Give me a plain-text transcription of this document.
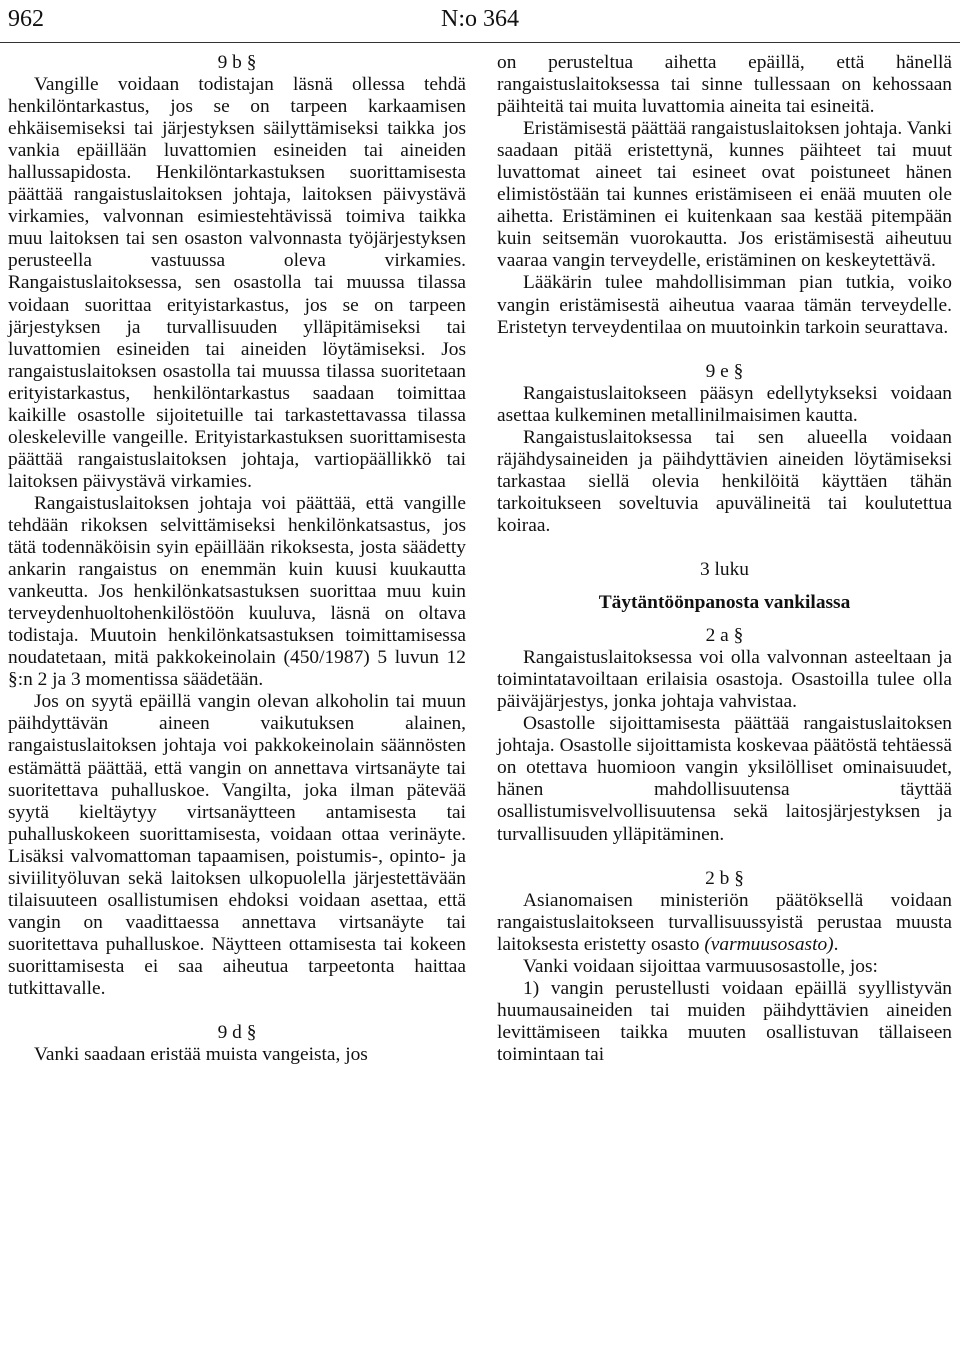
962	N:o 364
9 b §

Vangille voidaan todistajan läsnä ollessa tehdä henkilöntarkastus, jos se on tarpeen karkaamisen ehkäisemiseksi tai järjestyksen säilyttämiseksi taikka jos vankia epäillään luvattomien esineiden tai aineiden hallussapidosta. Henkilöntarkastuksen suorittamisesta päättää rangaistuslaitoksen johtaja, laitoksen päivystävä virkamies, valvonnan esimiestehtävissä toimiva taikka muu laitoksen tai sen osaston valvonnasta työjärjestyksen perusteella vastuussa oleva virkamies. Rangaistuslaitoksessa, sen osastolla tai muussa tilassa voidaan suorittaa erityistarkastus, jos se on tarpeen järjestyksen ja turvallisuuden ylläpitämiseksi tai luvattomien esineiden tai aineiden löytämiseksi. Jos rangaistuslaitoksen osastolla tai muussa tilassa suoritetaan erityistarkastus, henkilöntarkastus saadaan toimittaa kaikille osastolle sijoitetuille tai tarkastettavassa tilassa oleskeleville vangeille. Erityistarkastuksen suorittamisesta päättää rangaistuslaitoksen johtaja, vartiopäällikkö tai laitoksen päivystävä virkamies.

Rangaistuslaitoksen johtaja voi päättää, että vangille tehdään rikoksen selvittämiseksi henkilönkatsastus, jos tätä todennäköisin syin epäillään rikoksesta, josta säädetty ankarin rangaistus on enemmän kuin kuusi kuukautta vankeutta. Jos henkilönkatsastuksen suorittaa muu kuin terveydenhuoltohenkilöstöön kuuluva, läsnä on oltava todistaja. Muutoin henkilönkatsastuksen toimittamisessa noudatetaan, mitä pakkokeinolain (450/1987) 5 luvun 12 §:n 2 ja 3 momentissa säädetään.

Jos on syytä epäillä vangin olevan alkoholin tai muun päihdyttävän aineen vaikutuksen alainen, rangaistuslaitoksen johtaja voi pakkokeinolain säännösten estämättä päättää, että vangin on annettava virtsanäyte tai suoritettava puhalluskoe. Vangilta, joka ilman pätevää syytä kieltäytyy virtsanäytteen antamisesta tai puhalluskokeen suorittamisesta, voidaan ottaa verinäyte. Lisäksi valvomattoman tapaamisen, poistumis-, opinto- ja siviilityöluvan sekä laitoksen ulkopuolella järjestettävään tilaisuuteen osallistumisen ehdoksi voidaan asettaa, että vangin on vaadittaessa annettava virtsanäyte tai suoritettava puhalluskoe. Näytteen ottamisesta tai kokeen suorittamisesta ei saa aiheutua tarpeetonta haittaa tutkittavalle.

9 d §

Vanki saadaan eristää muista vangeista, jos

on perusteltua aihetta epäillä, että hänellä rangaistuslaitoksessa tai sinne tullessaan on kehossaan päihteitä tai muita luvattomia aineita tai esineitä.

Eristämisestä päättää rangaistuslaitoksen johtaja. Vanki saadaan pitää eristettynä, kunnes päihteet tai muut luvattomat aineet tai esineet ovat poistuneet hänen elimistöstään tai kunnes eristämiseen ei enää muuten ole aihetta. Eristäminen ei kuitenkaan saa kestää pitempään kuin seitsemän vuorokautta. Jos eristämisestä aiheutuu vaaraa vangin terveydelle, eristäminen on keskeytettävä.

Lääkärin tulee mahdollisimman pian tutkia, voiko vangin eristämisestä aiheutua vaaraa tämän terveydelle. Eristetyn terveydentilaa on muutoinkin tarkoin seurattava.

9 e §

Rangaistuslaitokseen pääsyn edellytykseksi voidaan asettaa kulkeminen metallinilmaisimen kautta.

Rangaistuslaitoksessa tai sen alueella voidaan räjähdysaineiden ja päihdyttävien aineiden löytämiseksi tarkastaa siellä olevia henkilöitä käyttäen tähän tarkoitukseen soveltuvia apuvälineitä tai koulutettua koiraa.

3 luku
Täytäntöönpanosta vankilassa
2 a §

Rangaistuslaitoksessa voi olla valvonnan asteeltaan ja toimintatavoiltaan erilaisia osastoja. Osastoilla tulee olla päiväjärjestys, jonka johtaja vahvistaa.

Osastolle sijoittamisesta päättää rangaistuslaitoksen johtaja. Osastolle sijoittamista koskevaa päätöstä tehtäessä on otettava huomioon vangin yksilölliset ominaisuudet, hänen mahdollisuutensa täyttää osallistumisvelvollisuutensa sekä laitosjärjestyksen ja turvallisuuden ylläpitäminen.

2 b §

Asianomaisen ministeriön päätöksellä voidaan rangaistuslaitokseen turvallisuussyistä perustaa muusta laitoksesta eristetty osasto (varmuusosasto).

Vanki voidaan sijoittaa varmuusosastolle, jos:

1) vangin perustellusti voidaan epäillä syyllistyvän huumausaineiden tai muiden päihdyttävien aineiden levittämiseen taikka muuten osallistuvan tällaiseen toimintaan tai
